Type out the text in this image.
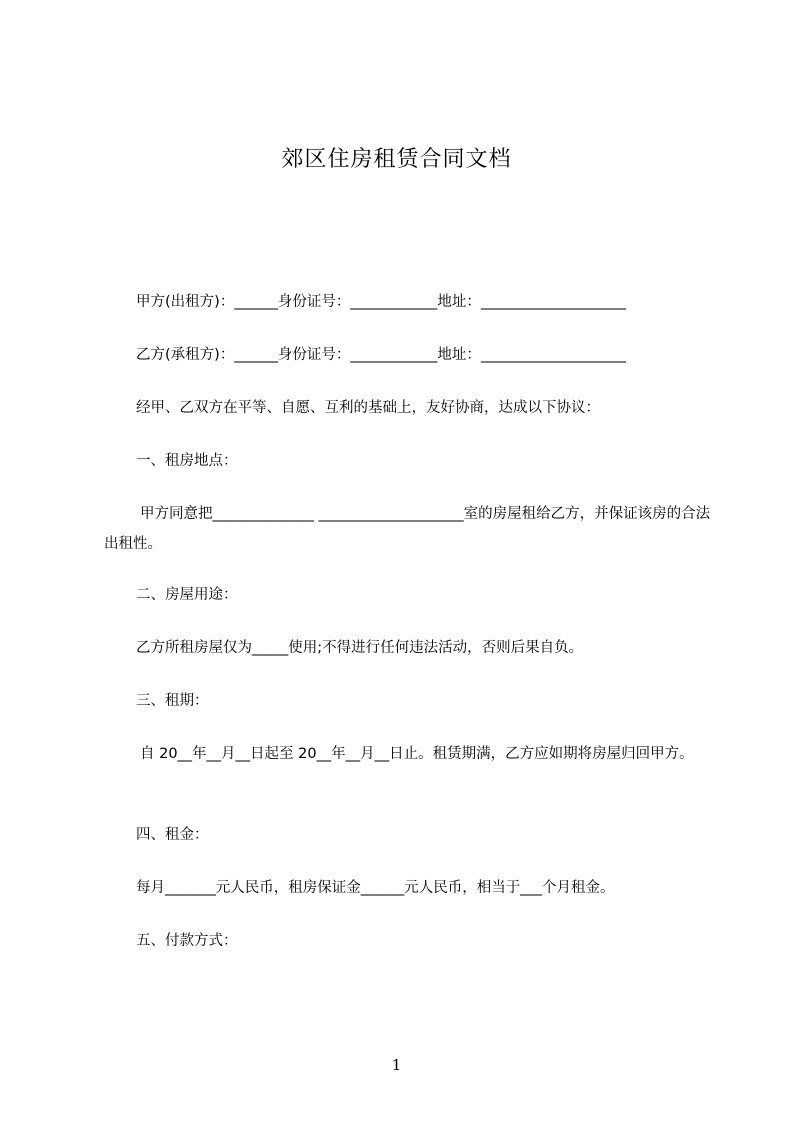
郊区住房租赁合同文档
甲方(出租方)：______身份证号：____________地址：____________________
乙方(承租方)：______身份证号：____________地址：____________________
经甲、乙双方在平等、自愿、互利的基础上，友好协商，达成以下协议：
一、租房地点：
甲方同意把______________ ____________________室的房屋租给乙方，并保证该房的合法出租性。
二、房屋用途：
乙方所租房屋仅为_____使用;不得进行任何违法活动，否则后果自负。
三、租期：
自 20__年__月__日起至 20__年__月__日止。租赁期满，乙方应如期将房屋归回甲方。
四、租金：
每月_______元人民币，租房保证金______元人民币，相当于___个月租金。
五、付款方式：
1
